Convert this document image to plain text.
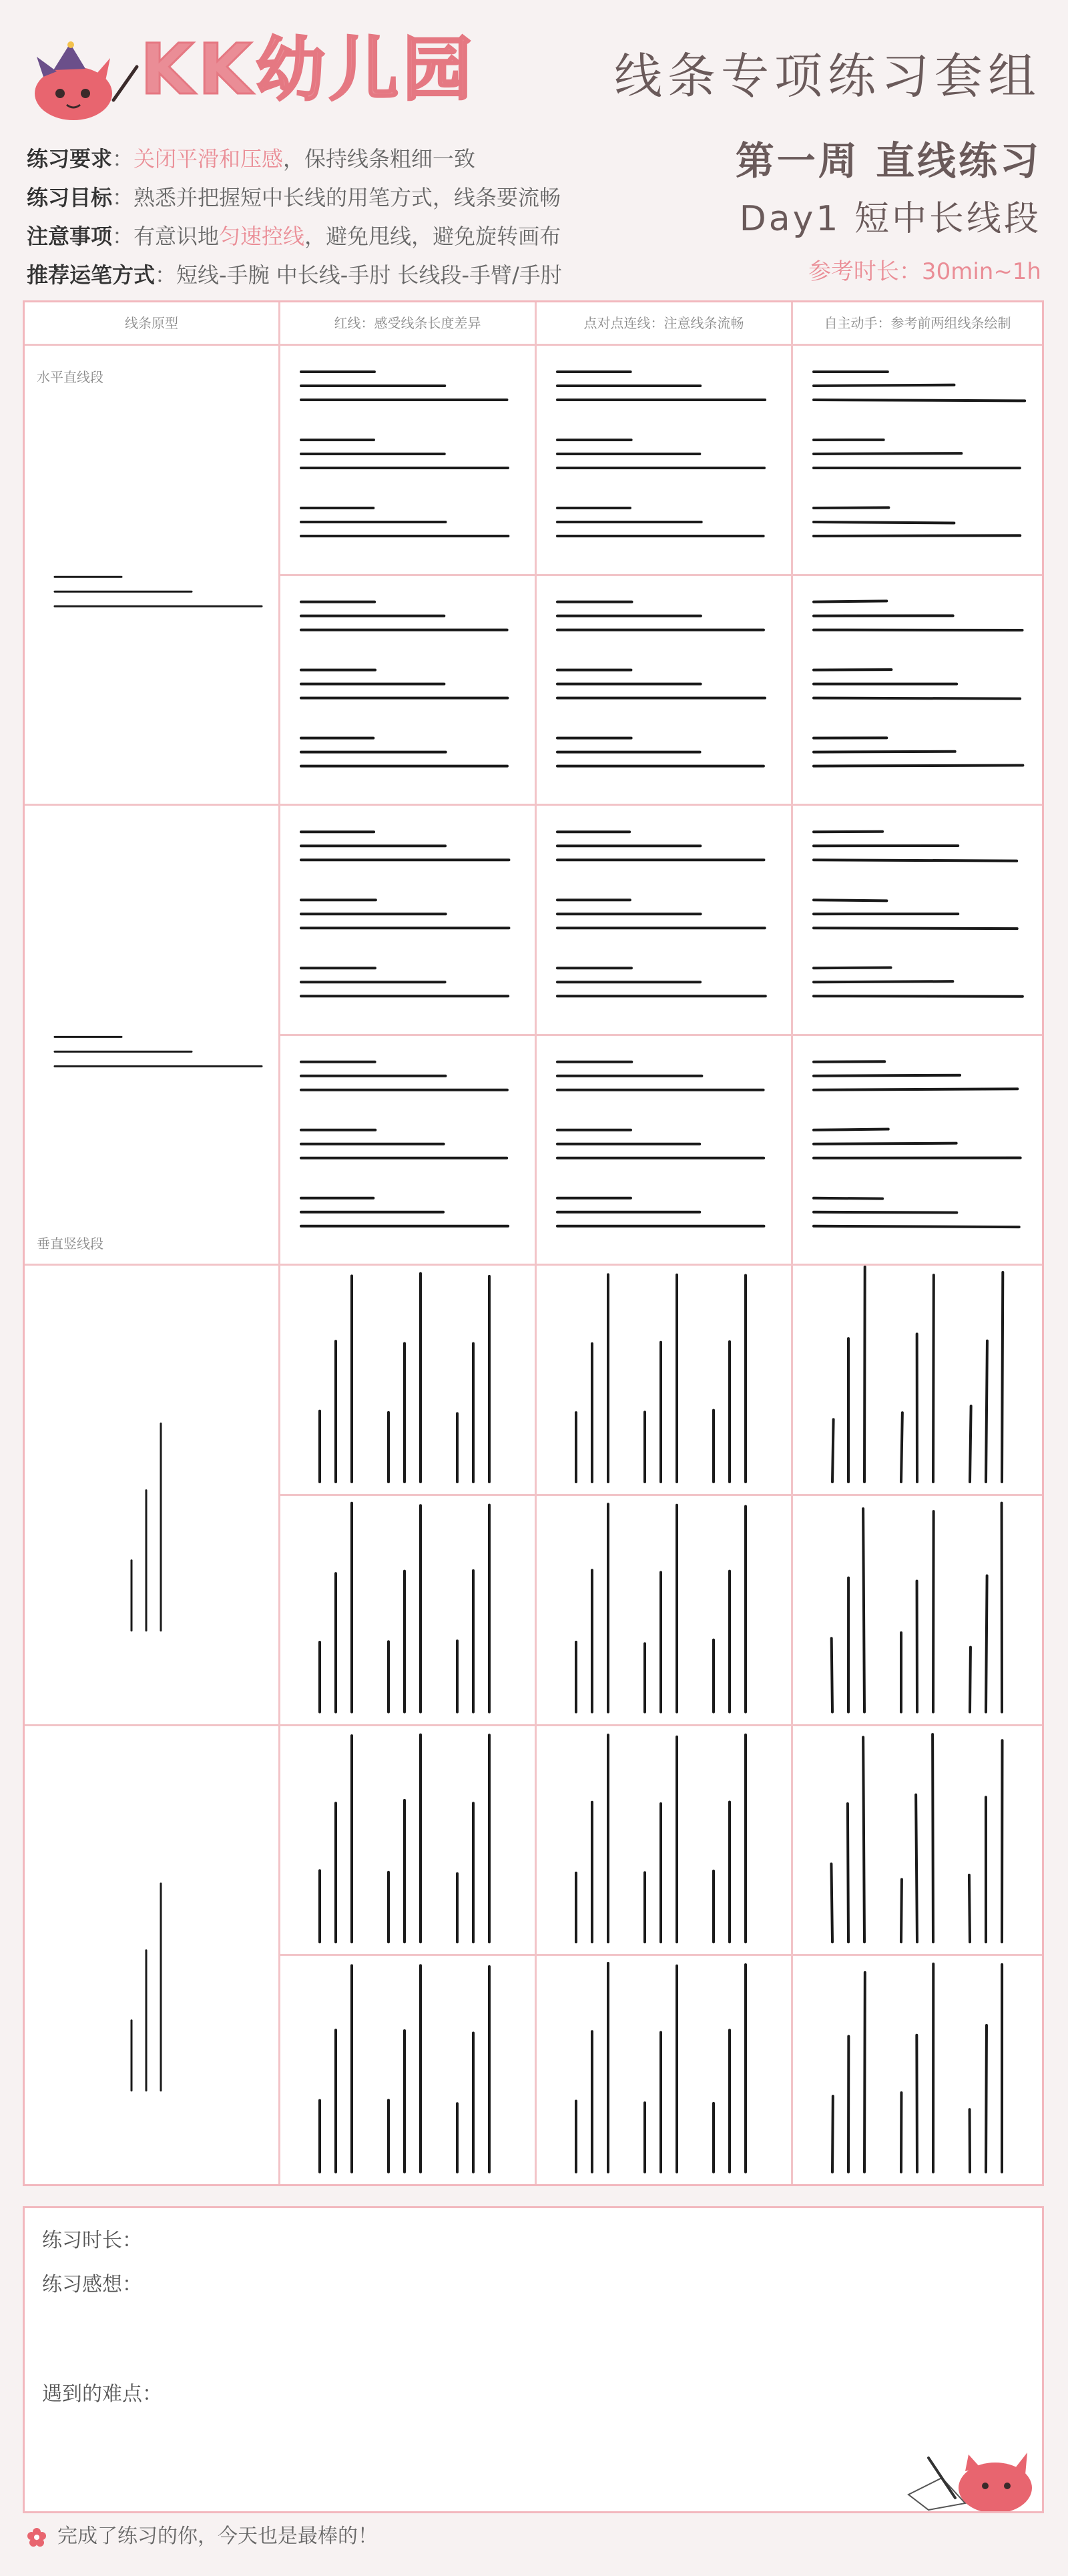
KK幼儿园	线条专项练习套组
第一周 直线练习
Day1 短中长线段
参考时长：30min~1h
练习要求：关闭平滑和压感，保持线条粗细一致
练习目标：熟悉并把握短中长线的用笔方式，线条要流畅
注意事项：有意识地匀速控线，避免甩线，避免旋转画布
推荐运笔方式：短线-手腕 中长线-手肘 长线段-手臂/手肘
线条原型	红线：感受线条长度差异	点对点连线：注意线条流畅	自主动手：参考前两组线条绘制
水平直线段
垂直竖线段
练习时长：
练习感想：
遇到的难点：
完成了练习的你，今天也是最棒的！
